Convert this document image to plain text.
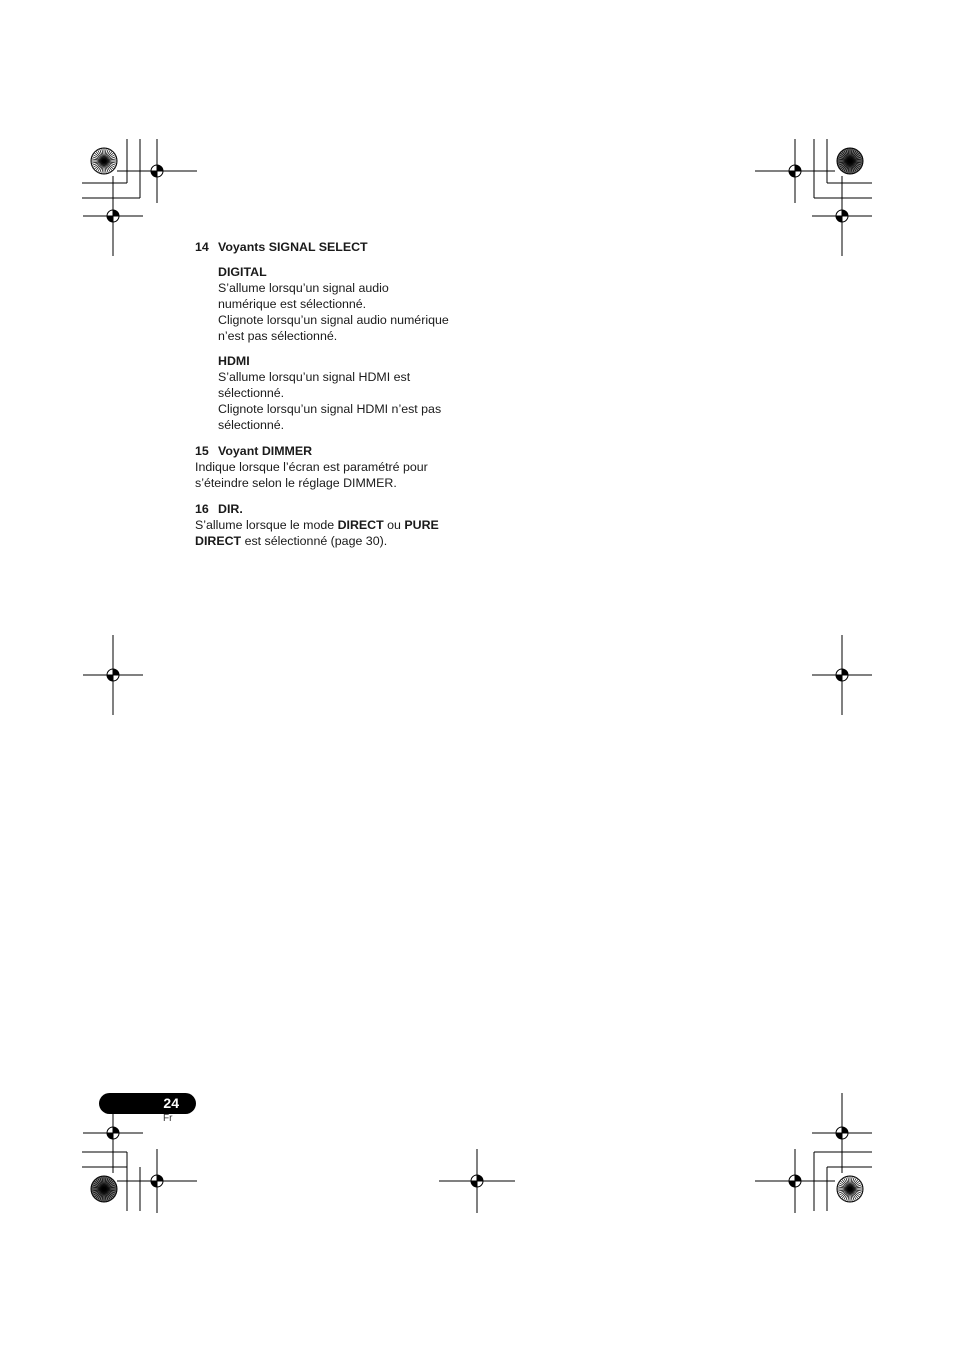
14 Voyants SIGNAL SELECT

DIGITAL
S’allume lorsqu’un signal audio
numérique est sélectionné.
Clignote lorsqu’un signal audio numérique
n’est pas sélectionné.
HDMI
S’allume lorsqu’un signal HDMI est
sélectionné.
Clignote lorsqu’un signal HDMI n’est pas
sélectionné.

15 Voyant DIMMER

Indique lorsque l’écran est paramétré pour
s’éteindre selon le réglage DIMMER.

16 DIR.

S’allume lorsque le mode DIRECT ou PURE
DIRECT est sélectionné (page 30).
24
Fr
